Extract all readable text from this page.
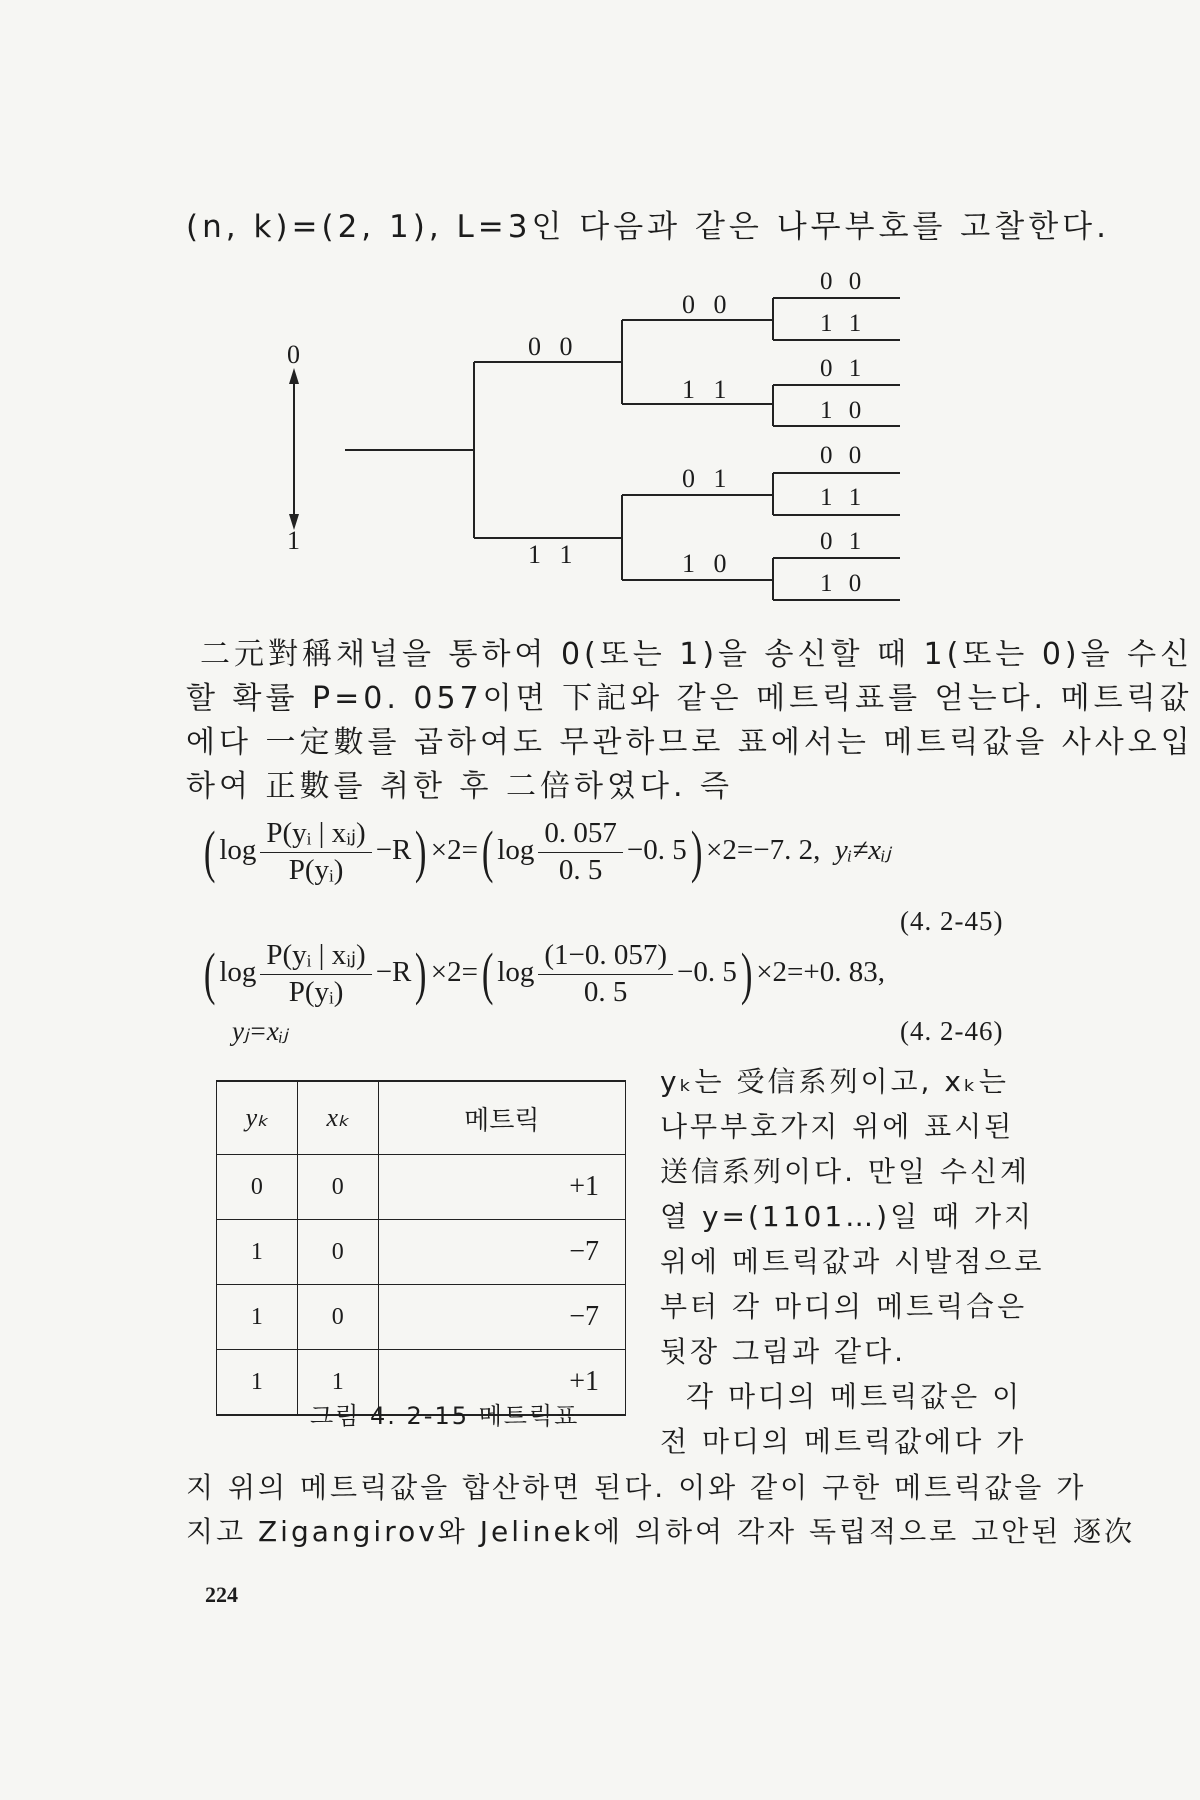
(n, k)=(2, 1), L=3인 다음과 같은 나무부호를 고찰한다.
0
1
0 0
1 1
0 0
1 1
0 1
1 0
0 0
1 1
0 1
1 0
0 0
1 1
0 1
1 0
二元對稱채널을 통하여 0(또는 1)을 송신할 때 1(또는 0)을 수신
할 확률 P=0. 057이면 下記와 같은 메트릭표를 얻는다. 메트릭값
에다 一定數를 곱하여도 무관하므로 표에서는 메트릭값을 사사오입
하여 正數를 취한 후 二倍하였다. 즉
( $\log \frac{\text{P(yᵢ | xᵢⱼ)}}{\text{P(yᵢ)}} -R) \times 2=$( $\log \frac{0. 057}{0. 5} -0$. 5) ×2=−7. 2, yᵢ≠xᵢⱼ
(4. 2-45)
( $\log \frac{\text{P(yᵢ | xᵢⱼ)}}{\text{P(yᵢ)}} -R) \times 2=$( $\log \frac{(1-0. 057)}{0. 5} -0$. 5) ×2=+0. 83,
yⱼ=xᵢⱼ	(4. 2-46)
yₖ	xₖ	메트릭
0	0	+1
1	0	−7
1	0	−7
1	1	+1
그림 4. 2-15 메트릭표
yₖ는 受信系列이고, xₖ는
나무부호가지 위에 표시된
送信系列이다. 만일 수신계
열 y=(1101…)일 때 가지
위에 메트릭값과 시발점으로
부터 각 마디의 메트릭合은
뒷장 그림과 같다.
각 마디의 메트릭값은 이
전 마디의 메트릭값에다 가
지 위의 메트릭값을 합산하면 된다. 이와 같이 구한 메트릭값을 가
지고 Zigangirov와 Jelinek에 의하여 각자 독립적으로 고안된 逐次
224
